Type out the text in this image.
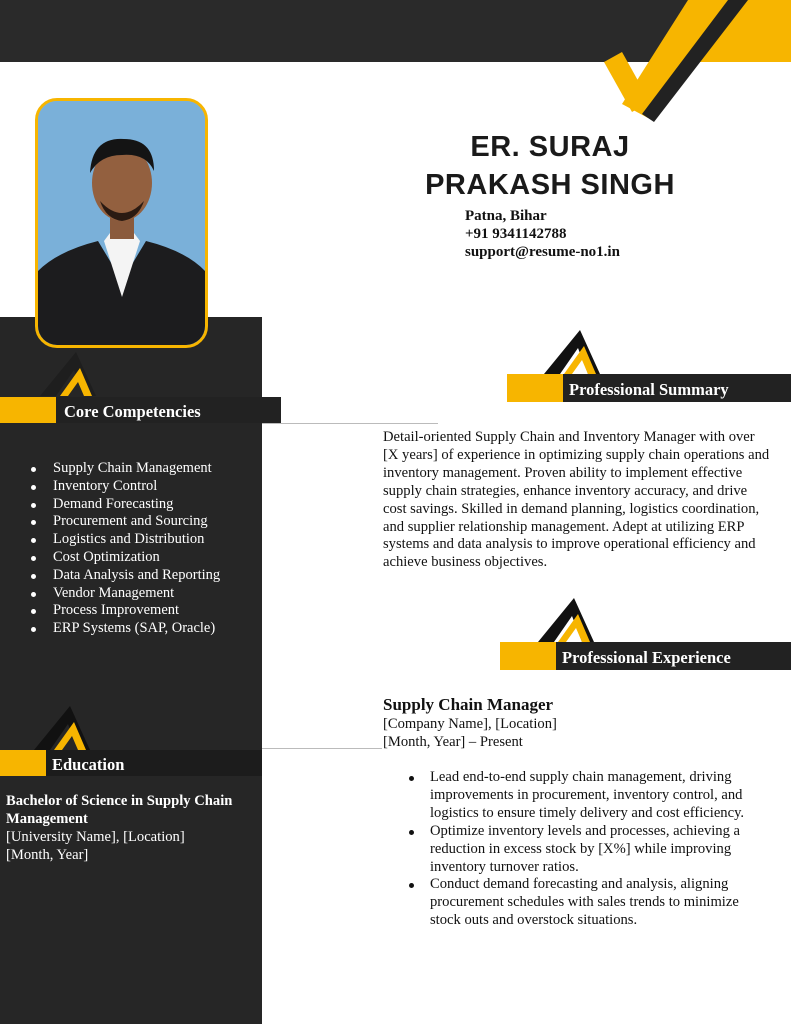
ER. SURAJ
PRAKASH SINGH
Patna, Bihar
+91 9341142788
support@resume-no1.in
Core Competencies
Supply Chain Management
Inventory Control
Demand Forecasting
Procurement and Sourcing
Logistics and Distribution
Cost Optimization
Data Analysis and Reporting
Vendor Management
Process Improvement
ERP Systems (SAP, Oracle)
Education
Bachelor of Science in Supply Chain Management
[University Name], [Location]
[Month, Year]
Professional Summary
Detail-oriented Supply Chain and Inventory Manager with over [X years] of experience in optimizing supply chain operations and inventory management. Proven ability to implement effective supply chain strategies, enhance inventory accuracy, and drive cost savings. Skilled in demand planning, logistics coordination, and supplier relationship management. Adept at utilizing ERP systems and data analysis to improve operational efficiency and achieve business objectives.
Professional Experience
Supply Chain Manager
[Company Name], [Location]
[Month, Year] – Present
Lead end-to-end supply chain management, driving improvements in procurement, inventory control, and logistics to ensure timely delivery and cost efficiency.
Optimize inventory levels and processes, achieving a reduction in excess stock by [X%] while improving inventory turnover ratios.
Conduct demand forecasting and analysis, aligning procurement schedules with sales trends to minimize stock outs and overstock situations.
